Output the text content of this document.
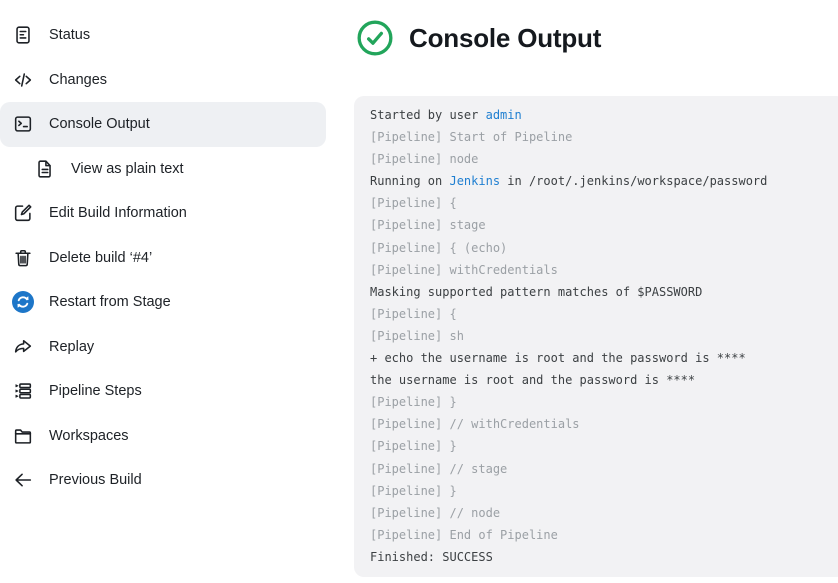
Status
Changes
Console Output
View as plain text
Edit Build Information
Delete build ‘#4’
Restart from Stage
Replay
Pipeline Steps
Workspaces
Previous Build
Console Output
Started by user admin
[Pipeline] Start of Pipeline
[Pipeline] node
Running on Jenkins in /root/.jenkins/workspace/password
[Pipeline] {
[Pipeline] stage
[Pipeline] { (echo)
[Pipeline] withCredentials
Masking supported pattern matches of $PASSWORD
[Pipeline] {
[Pipeline] sh
+ echo the username is root and the password is ****
the username is root and the password is ****
[Pipeline] }
[Pipeline] // withCredentials
[Pipeline] }
[Pipeline] // stage
[Pipeline] }
[Pipeline] // node
[Pipeline] End of Pipeline
Finished: SUCCESS
